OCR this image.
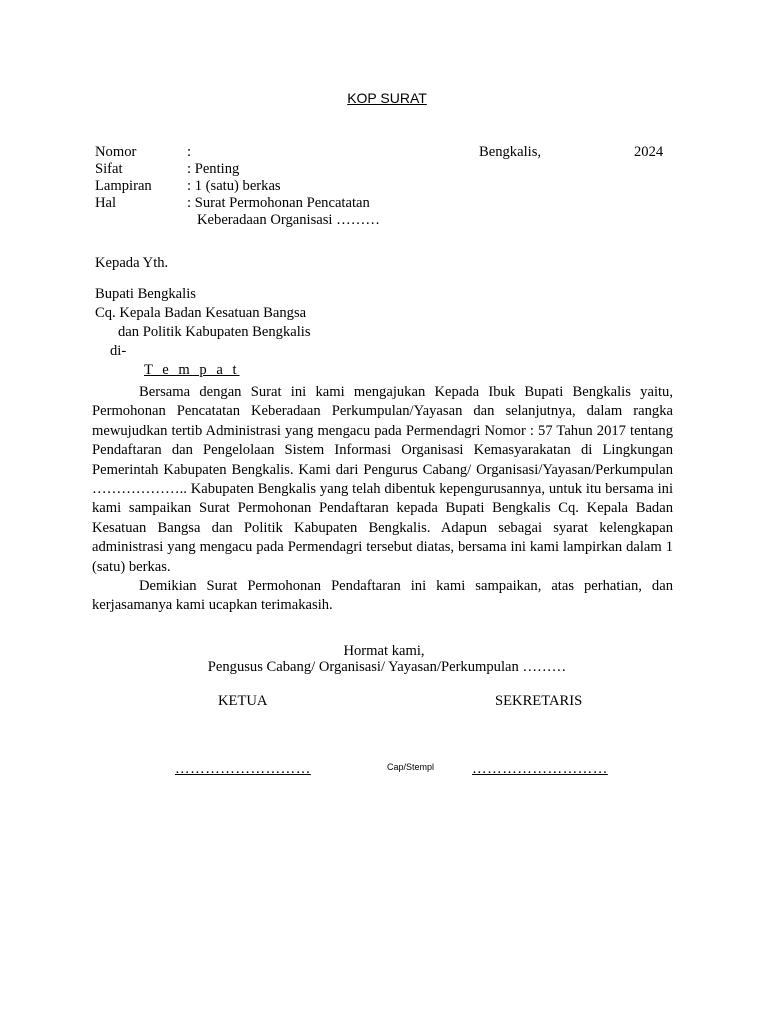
KOP SURAT
Nomor	:	Bengkalis,	2024
Sifat	: Penting
Lampiran : 1 (satu) berkas
Hal	: Surat Permohonan Pencatatan
Keberadaan Organisasi ………
Kepada Yth.
Bupati Bengkalis
Cq. Kepala Badan Kesatuan Bangsa
dan Politik Kabupaten Bengkalis
di-
T e m p a t

Bersama dengan Surat ini kami mengajukan Kepada Ibuk Bupati Bengkalis yaitu, Permohonan Pencatatan Keberadaan Perkumpulan/Yayasan dan selanjutnya, dalam rangka mewujudkan tertib Administrasi yang mengacu pada Permendagri Nomor : 57 Tahun 2017 tentang Pendaftaran dan Pengelolaan Sistem Informasi Organisasi Kemasyarakatan di Lingkungan Pemerintah Kabupaten Bengkalis. Kami dari Pengurus Cabang/ Organisasi/Yayasan/Perkumpulan ……………….. Kabupaten Bengkalis yang telah dibentuk kepengurusannya, untuk itu bersama ini kami sampaikan Surat Permohonan Pendaftaran kepada Bupati Bengkalis Cq. Kepala Badan Kesatuan Bangsa dan Politik Kabupaten Bengkalis. Adapun sebagai syarat kelengkapan administrasi yang mengacu pada Permendagri tersebut diatas, bersama ini kami lampirkan dalam 1 (satu) berkas.

Demikian Surat Permohonan Pendaftaran ini kami sampaikan, atas perhatian, dan kerjasamanya kami ucapkan terimakasih.

Hormat kami,
Pengusus Cabang/ Organisasi/ Yayasan/Perkumpulan ………
KETUA	SEKRETARIS
………………………	Cap/Stempl	………………………
